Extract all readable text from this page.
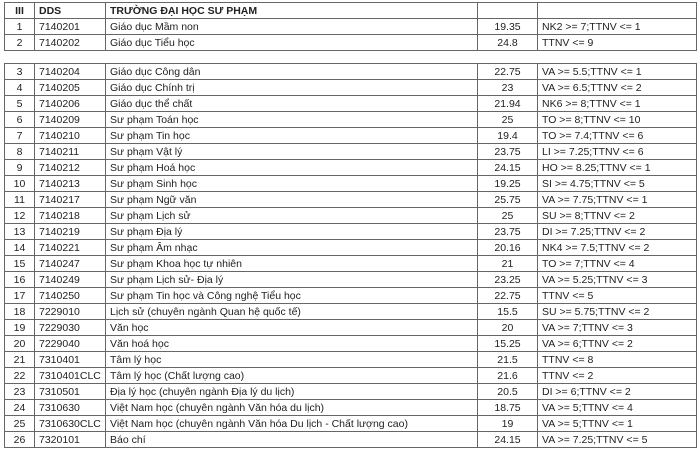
III	DDS	TRƯỜNG ĐẠI HỌC SƯ PHẠM		
1	7140201	Giáo dục Mầm non	19.35	NK2 >= 7;TTNV <= 1
2	7140202	Giáo dục Tiểu học	24.8	TTNV <= 9

3	7140204	Giáo dục Công dân	22.75	VA >= 5.5;TTNV <= 1
4	7140205	Giáo dục Chính trị	23	VA >= 6.5;TTNV <= 2
5	7140206	Giáo dục thể chất	21.94	NK6 >= 8;TTNV <= 1
6	7140209	Sư phạm Toán học	25	TO >= 8;TTNV <= 10
7	7140210	Sư phạm Tin học	19.4	TO >= 7.4;TTNV <= 6
8	7140211	Sư phạm Vật lý	23.75	LI >= 7.25;TTNV <= 6
9	7140212	Sư phạm Hoá học	24.15	HO >= 8.25;TTNV <= 1
10	7140213	Sư phạm Sinh học	19.25	SI >= 4.75;TTNV <= 5
11	7140217	Sư phạm Ngữ văn	25.75	VA >= 7.75;TTNV <= 1
12	7140218	Sư phạm Lịch sử	25	SU >= 8;TTNV <= 2
13	7140219	Sư phạm Địa lý	23.75	DI >= 7.25;TTNV <= 2
14	7140221	Sư phạm Âm nhạc	20.16	NK4 >= 7.5;TTNV <= 2
15	7140247	Sư phạm Khoa học tự nhiên	21	TO >= 7;TTNV <= 4
16	7140249	Sư phạm Lịch sử- Địa lý	23.25	VA >= 5.25;TTNV <= 3
17	7140250	Sư phạm Tin học và Công nghệ Tiểu học	22.75	TTNV <= 5
18	7229010	Lịch sử (chuyên ngành Quan hệ quốc tế)	15.5	SU >= 5.75;TTNV <= 2
19	7229030	Văn học	20	VA >= 7;TTNV <= 3
20	7229040	Văn hoá học	15.25	VA >= 6;TTNV <= 2
21	7310401	Tâm lý học	21.5	TTNV <= 8
22	7310401CLC	Tâm lý học (Chất lượng cao)	21.6	TTNV <= 2
23	7310501	Địa lý học (chuyên ngành Địa lý du lịch)	20.5	DI >= 6;TTNV <= 2
24	7310630	Việt Nam học (chuyên ngành Văn hóa du lịch)	18.75	VA >= 5;TTNV <= 4
25	7310630CLC	Việt Nam học (chuyên ngành Văn hóa Du lịch - Chất lượng cao)	19	VA >= 5;TTNV <= 1
26	7320101	Báo chí	24.15	VA >= 7.25;TTNV <= 5
